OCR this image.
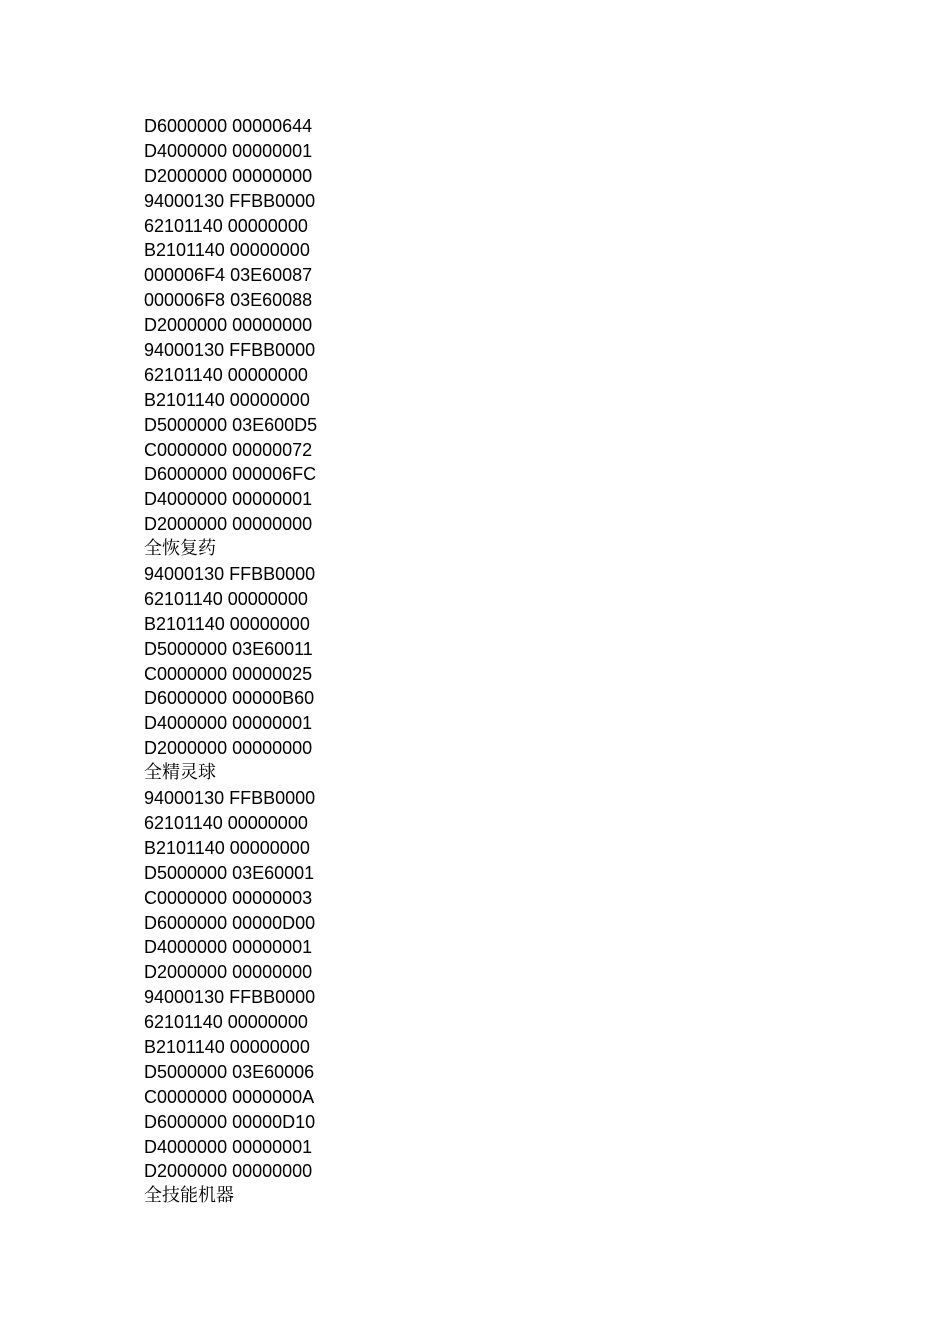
D6000000 00000644
D4000000 00000001
D2000000 00000000
94000130 FFBB0000
62101140 00000000
B2101140 00000000
000006F4 03E60087
000006F8 03E60088
D2000000 00000000
94000130 FFBB0000
62101140 00000000
B2101140 00000000
D5000000 03E600D5
C0000000 00000072
D6000000 000006FC
D4000000 00000001
D2000000 00000000
全恢复药
94000130 FFBB0000
62101140 00000000
B2101140 00000000
D5000000 03E60011
C0000000 00000025
D6000000 00000B60
D4000000 00000001
D2000000 00000000
全精灵球
94000130 FFBB0000
62101140 00000000
B2101140 00000000
D5000000 03E60001
C0000000 00000003
D6000000 00000D00
D4000000 00000001
D2000000 00000000
94000130 FFBB0000
62101140 00000000
B2101140 00000000
D5000000 03E60006
C0000000 0000000A
D6000000 00000D10
D4000000 00000001
D2000000 00000000
全技能机器
